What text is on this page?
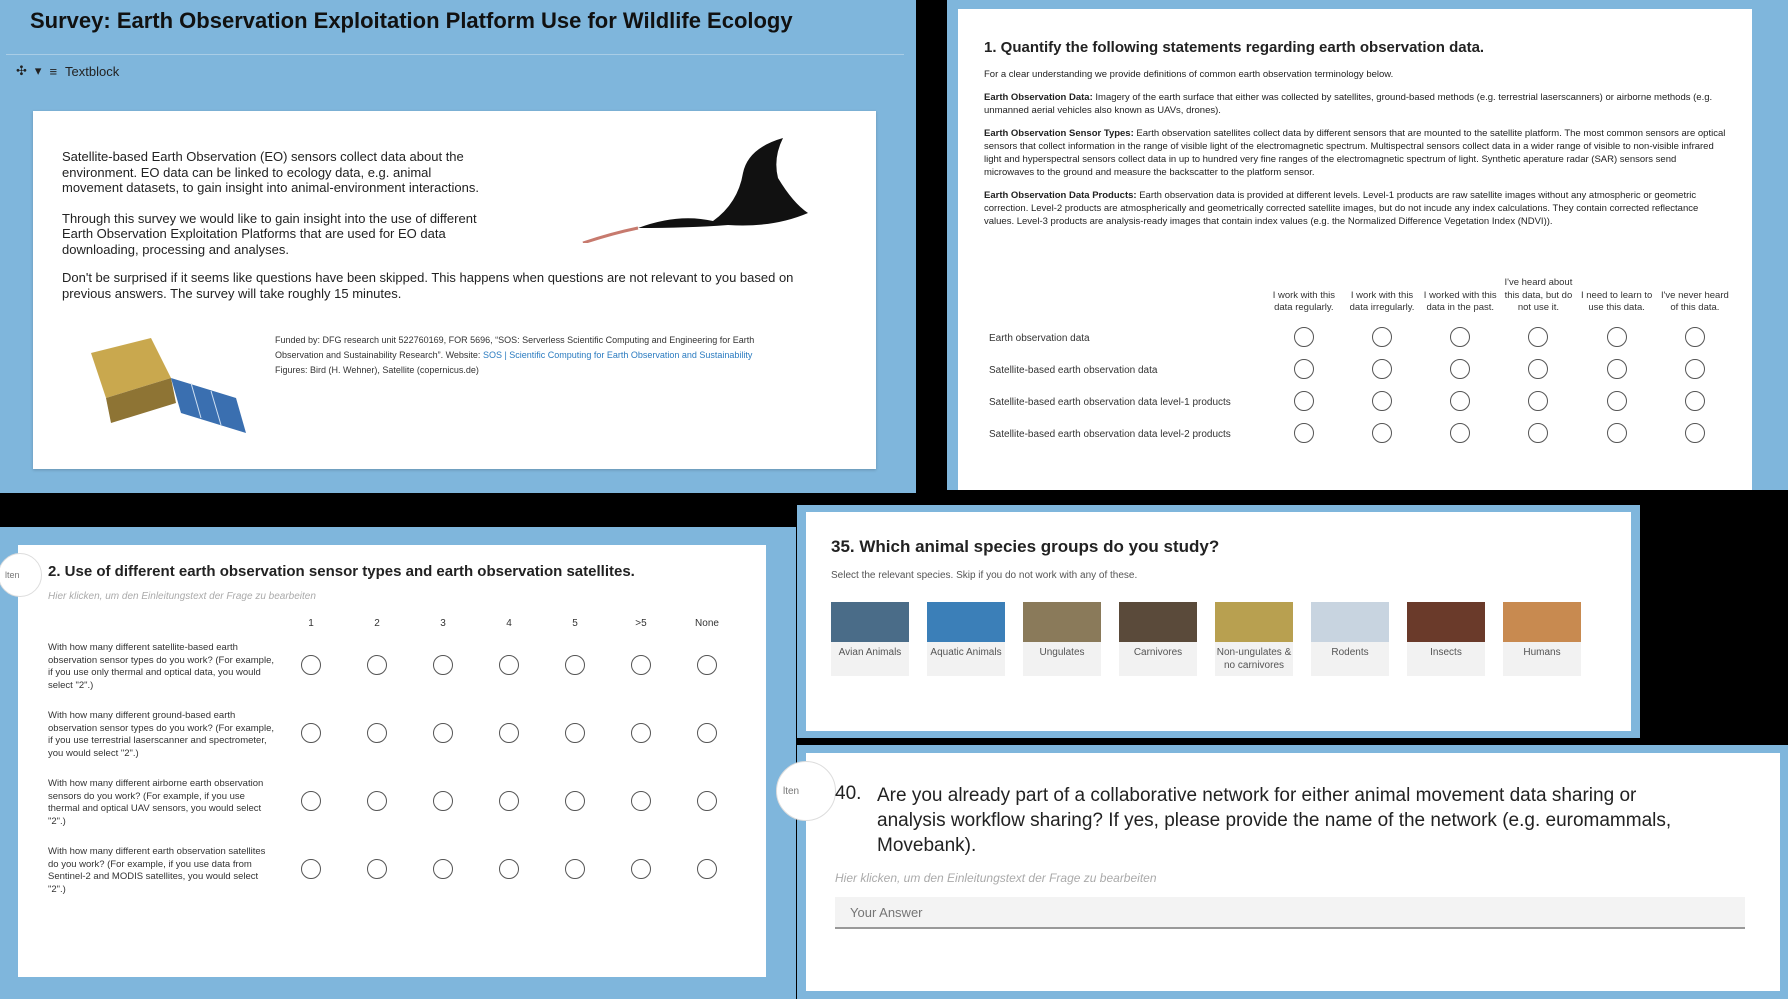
Survey: Earth Observation Exploitation Platform Use for Wildlife Ecology
✣ ▾ ≡ Textblock

Satellite-based Earth Observation (EO) sensors collect data about the environment. EO data can be linked to ecology data, e.g. animal movement datasets, to gain insight into animal-environment interactions.

Through this survey we would like to gain insight into the use of different Earth Observation Exploitation Platforms that are used for EO data downloading, processing and analyses.

Don't be surprised if it seems like questions have been skipped. This happens when questions are not relevant to you based on previous answers. The survey will take roughly 15 minutes.
Funded by: DFG research unit 522760169, FOR 5696, “SOS: Serverless Scientific Computing and Engineering for Earth Observation and Sustainability Research”. Website: SOS | Scientific Computing for Earth Observation and Sustainability
Figures: Bird (H. Wehner), Satellite (copernicus.de)
1. Quantify the following statements regarding earth observation data.

For a clear understanding we provide definitions of common earth observation terminology below.

Earth Observation Data: Imagery of the earth surface that either was collected by satellites, ground-based methods (e.g. terrestrial laserscanners) or airborne methods (e.g. unmanned aerial vehicles also known as UAVs, drones).

Earth Observation Sensor Types: Earth observation satellites collect data by different sensors that are mounted to the satellite platform. The most common sensors are optical sensors that collect information in the range of visible light of the electromagnetic spectrum. Multispectral sensors collect data in a wider range of visible to non-visible infrared light and hyperspectral sensors collect data in up to hundred very fine ranges of the electromagnetic spectrum of light. Synthetic aperature radar (SAR) sensors send microwaves to the ground and measure the backscatter to the platform sensor.

Earth Observation Data Products: Earth observation data is provided at different levels. Level-1 products are raw satellite images without any atmospheric or geometric correction. Level-2 products are atmospherically and geometrically corrected satellite images, but do not incude any index calculations. They contain corrected reflectance values. Level-3 products are analysis-ready images that contain index values (e.g. the Normalized Difference Vegetation Index (NDVI)).

	I work with this data regularly.	I work with this data irregularly.	I worked with this data in the past.	I've heard about this data, but do not use it.	I need to learn to use this data.	I've never heard of this data.
Earth observation data						
Satellite-based earth observation data						
Satellite-based earth observation data level-1 products						
Satellite-based earth observation data level-2 products						
lten	2. Use of different earth observation sensor types and earth observation satellites.
Hier klicken, um den Einleitungstext der Frage zu bearbeiten
	1	2	3	4	5	>5	None
With how many different satellite-based earth observation sensor types do you work? (For example, if you use only thermal and optical data, you would select "2".)							
With how many different ground-based earth observation sensor types do you work? (For example, if you use terrestrial laserscanner and spectrometer, you would select "2".)							
With how many different airborne earth observation sensors do you work? (For example, if you use thermal and optical UAV sensors, you would select "2".)							
With how many different earth observation satellites do you work? (For example, if you use data from Sentinel-2 and MODIS satellites, you would select "2".)							
35. Which animal species groups do you study?
Select the relevant species. Skip if you do not work with any of these.
Avian Animals	Aquatic Animals	Ungulates	Carnivores	Non-ungulates & no carnivores
Rodents	Insects	Humans
lten	40. Are you already part of a collaborative network for either animal movement data sharing or analysis workflow sharing? If yes, please provide the name of the network (e.g. euromammals, Movebank).
Hier klicken, um den Einleitungstext der Frage zu bearbeiten
Your Answer
